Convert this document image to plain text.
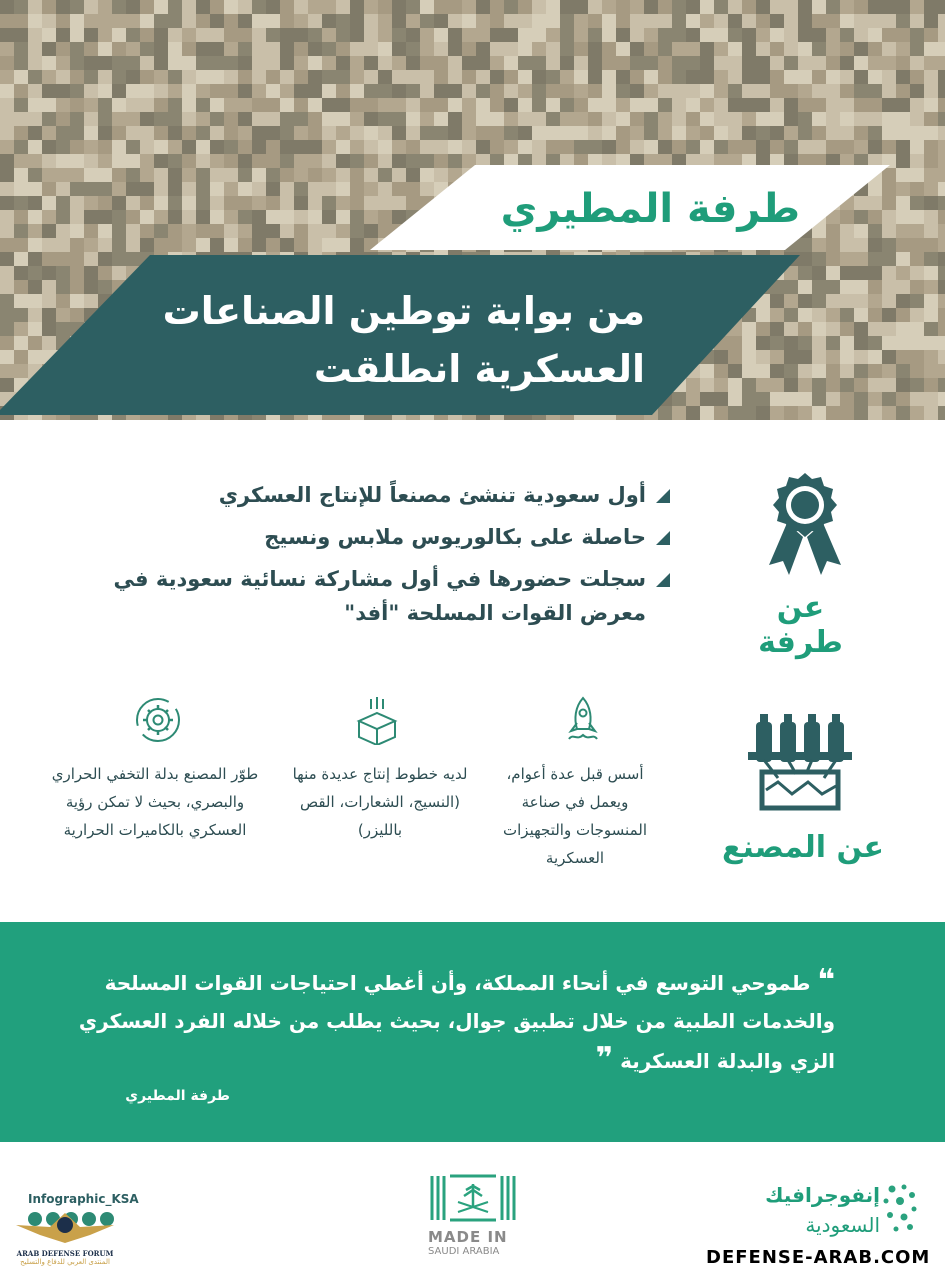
طرفة المطيري
من بوابة توطين الصناعات
العسكرية انطلقت
عن طرفة
أول سعودية تنشئ مصنعاً للإنتاج العسكري
حاصلة على بكالوريوس ملابس ونسيج
سجلت حضورها في أول مشاركة نسائية سعودية في معرض القوات المسلحة "أفد"
عن المصنع
أسس قبل عدة أعوام، ويعمل في صناعة المنسوجات والتجهيزات العسكرية
لديه خطوط إنتاج عديدة منها (النسيج، الشعارات، القص بالليزر)
طوّر المصنع بدلة التخفي الحراري والبصري، بحيث لا تمكن رؤية العسكري بالكاميرات الحرارية
❝ طموحي التوسع في أنحاء المملكة، وأن أغطي احتياجات القوات المسلحة والخدمات الطبية من خلال تطبيق جوال، بحيث يطلب من خلاله الفرد العسكري الزي والبدلة العسكرية ❞
طرفة المطيري
Infographic_KSA
ARAB DEFENSE FORUM
المنتدى العربي للدفاع والتسليح
MADE IN
SAUDI ARABIA
إنفوجرافيك
السعودية
DEFENSE-ARAB.COM
